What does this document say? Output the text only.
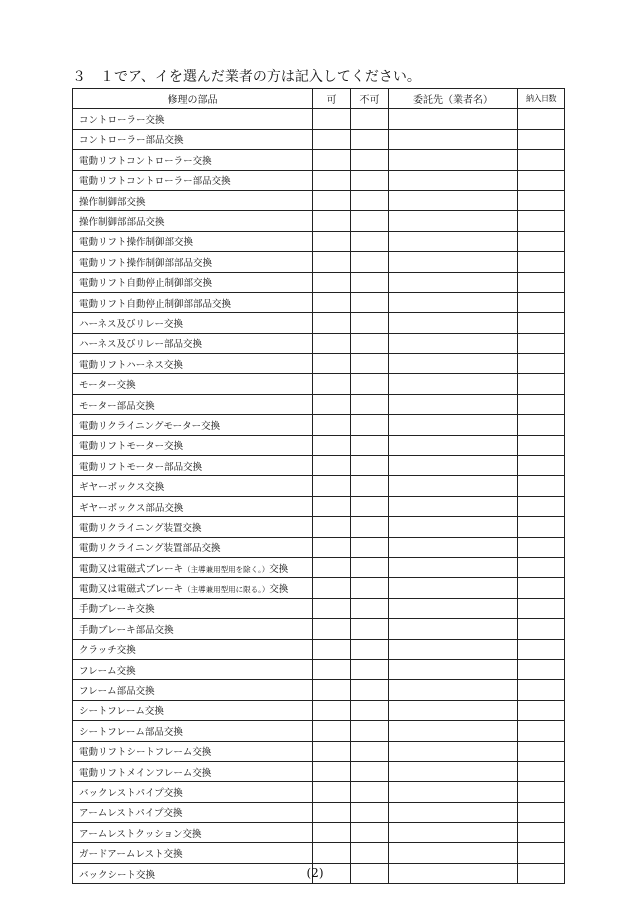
３　１でア、イを選んだ業者の方は記入してください。
修理の部品	可	不可	委託先（業者名）	納入日数
コントローラー交換				
コントローラー部品交換				
電動リフトコントローラー交換				
電動リフトコントローラー部品交換				
操作制御部交換				
操作制御部部品交換				
電動リフト操作制御部交換				
電動リフト操作制御部部品交換				
電動リフト自動停止制御部交換				
電動リフト自動停止制御部部品交換				
ハーネス及びリレー交換				
ハーネス及びリレー部品交換				
電動リフトハーネス交換				
モーター交換				
モーター部品交換				
電動リクライニングモーター交換				
電動リフトモーター交換				
電動リフトモーター部品交換				
ギヤーボックス交換				
ギヤーボックス部品交換				
電動リクライニング装置交換				
電動リクライニング装置部品交換				
電動又は電磁式ブレーキ（主導兼用型用を除く。）交換				
電動又は電磁式ブレーキ（主導兼用型用に限る。）交換				
手動ブレーキ交換				
手動ブレーキ部品交換				
クラッチ交換				
フレーム交換				
フレーム部品交換				
シートフレーム交換				
シートフレーム部品交換				
電動リフトシートフレーム交換				
電動リフトメインフレーム交換				
バックレストパイプ交換				
アームレストパイプ交換				
アームレストクッション交換				
ガードアームレスト交換				
バックシート交換					(2)
